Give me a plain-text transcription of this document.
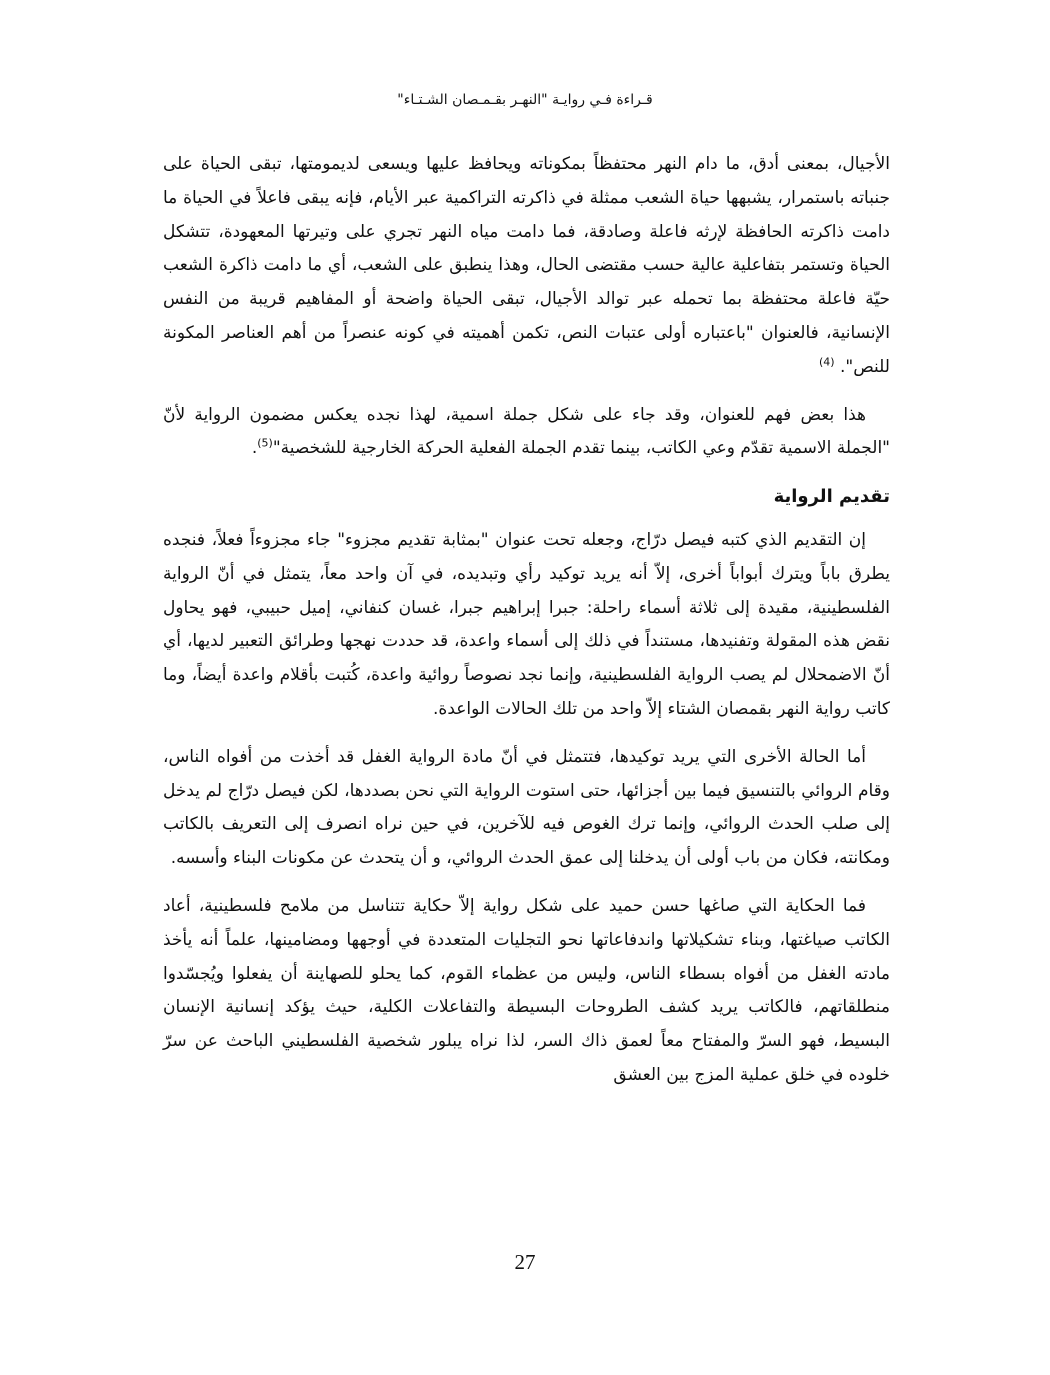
قـراءة فـي روايـة "النهـر بقـمـصان الشـتـاء"

الأجيال، بمعنى أدق، ما دام النهر محتفظاً بمكوناته ويحافظ عليها ويسعى لديمومتها، تبقى الحياة على جنباته باستمرار، يشبهها حياة الشعب ممثلة في ذاكرته التراكمية عبر الأيام، فإنه يبقى فاعلاً في الحياة ما دامت ذاكرته الحافظة لإرثه فاعلة وصادقة، فما دامت مياه النهر تجري على وتيرتها المعهودة، تتشكل الحياة وتستمر بتفاعلية عالية حسب مقتضى الحال، وهذا ينطبق على الشعب، أي ما دامت ذاكرة الشعب حيّة فاعلة محتفظة بما تحمله عبر توالد الأجيال، تبقى الحياة واضحة أو المفاهيم قريبة من النفس الإنسانية، فالعنوان "باعتباره أولى عتبات النص، تكمن أهميته في كونه عنصراً من أهم العناصر المكونة للنص". $^{(4)}$

هذا بعض فهم للعنوان، وقد جاء على شكل جملة اسمية، لهذا نجده يعكس مضمون الرواية لأنّ "الجملة الاسمية تقدّم وعي الكاتب، بينما تقدم الجملة الفعلية الحركة الخارجية للشخصية"$^{(5)}$.

تقديم الرواية

إن التقديم الذي كتبه فيصل درّاج، وجعله تحت عنوان "بمثابة تقديم مجزوء" جاء مجزوءاً فعلاً، فنجده يطرق باباً ويترك أبواباً أخرى، إلاّ أنه يريد توكيد رأي وتبديده، في آن واحد معاً، يتمثل في أنّ الرواية الفلسطينية، مقيدة إلى ثلاثة أسماء راحلة: جبرا إبراهيم جبرا، غسان كنفاني، إميل حبيبي، فهو يحاول نقض هذه المقولة وتفنيدها، مستنداً في ذلك إلى أسماء واعدة، قد حددت نهجها وطرائق التعبير لديها، أي أنّ الاضمحلال لم يصب الرواية الفلسطينية، وإنما نجد نصوصاً روائية واعدة، كُتبت بأقلام واعدة أيضاً، وما كاتب رواية النهر بقمصان الشتاء إلاّ واحد من تلك الحالات الواعدة.

أما الحالة الأخرى التي يريد توكيدها، فتتمثل في أنّ مادة الرواية الغفل قد أخذت من أفواه الناس، وقام الروائي بالتنسيق فيما بين أجزائها، حتى استوت الرواية التي نحن بصددها، لكن فيصل درّاج لم يدخل إلى صلب الحدث الروائي، وإنما ترك الغوص فيه للآخرين، في حين نراه انصرف إلى التعريف بالكاتب ومكانته، فكان من باب أولى أن يدخلنا إلى عمق الحدث الروائي، و أن يتحدث عن مكونات البناء وأسسه.

فما الحكاية التي صاغها حسن حميد على شكل رواية إلاّ حكاية تتناسل من ملامح فلسطينية، أعاد الكاتب صياغتها، وبناء تشكيلاتها واندفاعاتها نحو التجليات المتعددة في أوجهها ومضامينها، علماً أنه يأخذ مادته الغفل من أفواه بسطاء الناس، وليس من عظماء القوم، كما يحلو للصهاينة أن يفعلوا ويُجسّدوا منطلقاتهم، فالكاتب يريد كشف الطروحات البسيطة والتفاعلات الكلية، حيث يؤكد إنسانية الإنسان البسيط، فهو السرّ والمفتاح معاً لعمق ذاك السر، لذا نراه يبلور شخصية الفلسطيني الباحث عن سرّ خلوده في خلق عملية المزج بين العشق

27
